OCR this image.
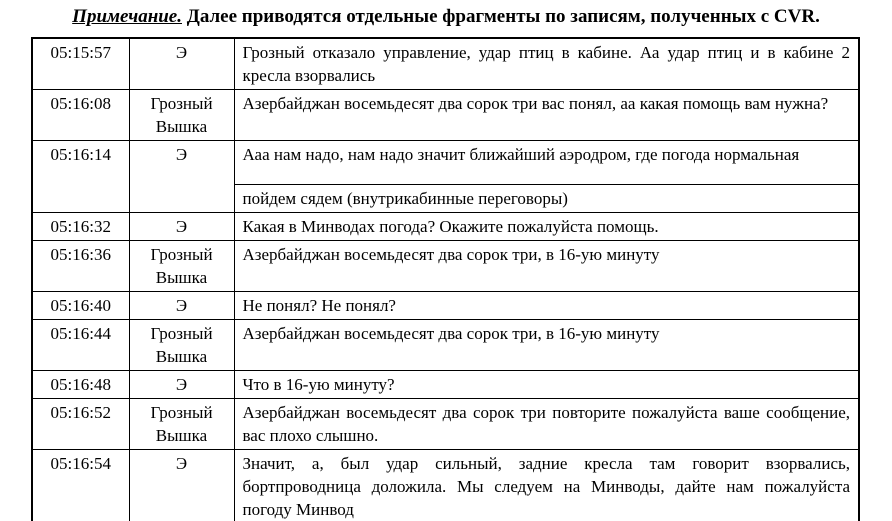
Примечание. Далее приводятся отдельные фрагменты по записям, полученных с CVR.

05:15:57	Э	Грозный отказало управление, удар птиц в кабине. Аа удар птиц и в кабине 2 кресла взорвались
05:16:08	Грозный Вышка	Азербайджан восемьдесят два сорок три вас понял, аа какая помощь вам нужна?
05:16:14	Э	Ааа нам надо, нам надо значит ближайший аэродром, где погода нормальная
		пойдем сядем (внутрикабинные переговоры)
05:16:32	Э	Какая в Минводах погода? Окажите пожалуйста помощь.
05:16:36	Грозный Вышка	Азербайджан восемьдесят два сорок три, в 16-ую минуту
05:16:40	Э	Не понял? Не понял?
05:16:44	Грозный Вышка	Азербайджан восемьдесят два сорок три, в 16-ую минуту
05:16:48	Э	Что в 16-ую минуту?
05:16:52	Грозный Вышка	Азербайджан восемьдесят два сорок три повторите пожалуйста ваше сообщение, вас плохо слышно.
05:16:54	Э	Значит, а, был удар сильный, задние кресла там говорит взорвались, бортпроводница доложила. Мы следуем на Минводы, дайте нам пожалуйста погоду Минвод
